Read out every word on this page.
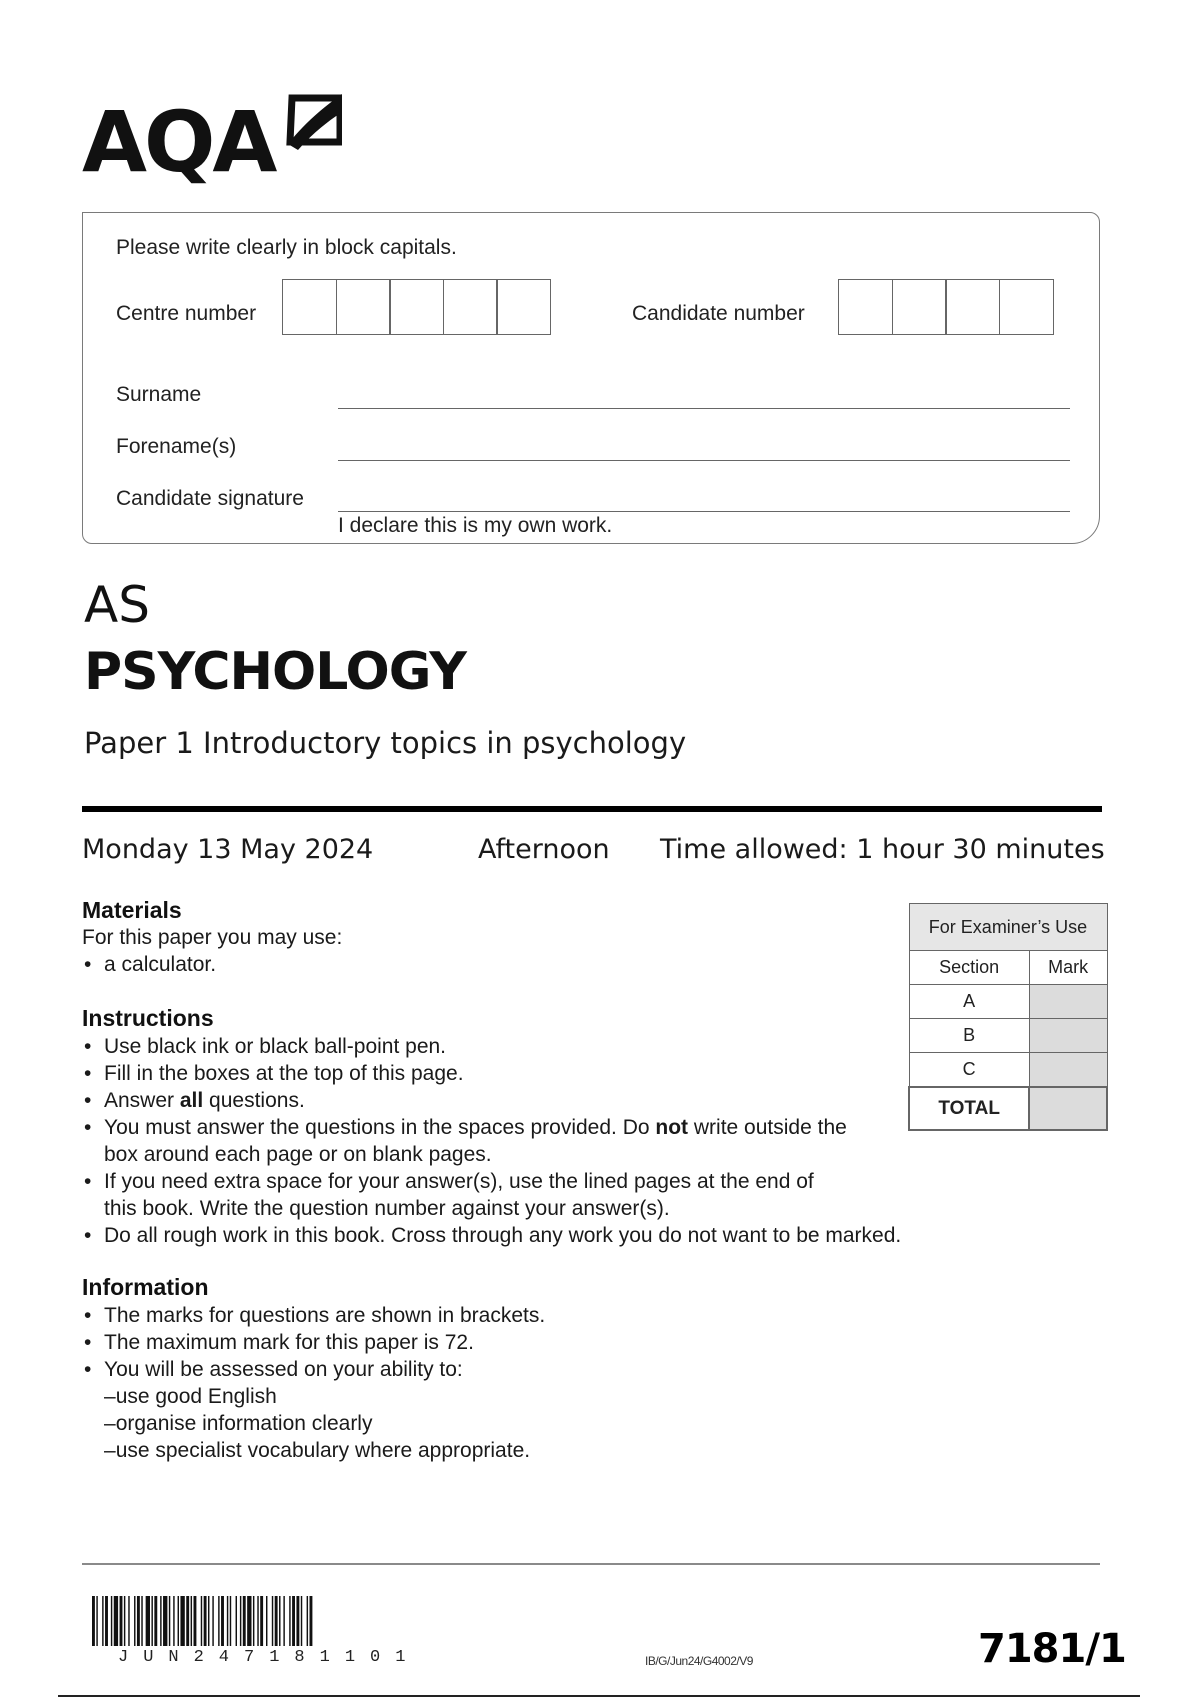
AQA
Please write clearly in block capitals.
Centre number	Candidate number
Surname
Forename(s)
Candidate signature
I declare this is my own work.
AS
PSYCHOLOGY
Paper 1 Introductory topics in psychology
Monday 13 May 2024	Afternoon Time allowed: 1 hour 30 minutes
Materials
For this paper you may use:
• a calculator.
Instructions
• Use black ink or black ball-point pen.
• Fill in the boxes at the top of this page.
• Answer all questions.
• You must answer the questions in the spaces provided. Do not write outside the box around each page or on blank pages.
• If you need extra space for your answer(s), use the lined pages at the end of this book. Write the question number against your answer(s).
• Do all rough work in this book. Cross through any work you do not want to be marked.
Information
• The marks for questions are shown in brackets.
• The maximum mark for this paper is 72.
• You will be assessed on your ability to:
– use good English
– organise information clearly
– use specialist vocabulary where appropriate.
For Examiner’s Use	
Section	Mark
A	
B	
C	
TOTAL	
JUN247181101	IB/G/Jun24/G4002/V9	7181/1
